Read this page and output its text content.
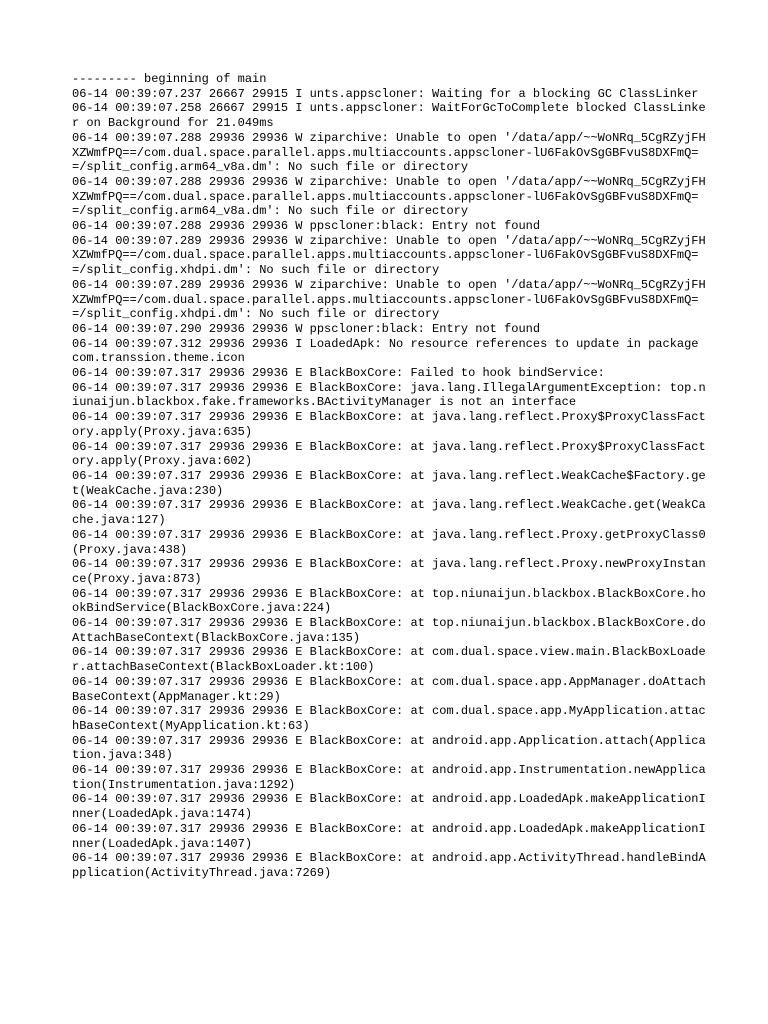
--------- beginning of main

06-14 00:39:07.237 26667 29915 I unts.appscloner: Waiting for a blocking GC ClassLinker

06-14 00:39:07.258 26667 29915 I unts.appscloner: WaitForGcToComplete blocked ClassLinker on Background for 21.049ms

06-14 00:39:07.288 29936 29936 W ziparchive: Unable to open '/data/app/~~WoNRq_5CgRZyjFHXZWmfPQ==/com.dual.space.parallel.apps.multiaccounts.appscloner-lU6FakOvSgGBFvuS8DXFmQ==/split_config.arm64_v8a.dm': No such file or directory

06-14 00:39:07.288 29936 29936 W ziparchive: Unable to open '/data/app/~~WoNRq_5CgRZyjFHXZWmfPQ==/com.dual.space.parallel.apps.multiaccounts.appscloner-lU6FakOvSgGBFvuS8DXFmQ==/split_config.arm64_v8a.dm': No such file or directory

06-14 00:39:07.288 29936 29936 W ppscloner:black: Entry not found

06-14 00:39:07.289 29936 29936 W ziparchive: Unable to open '/data/app/~~WoNRq_5CgRZyjFHXZWmfPQ==/com.dual.space.parallel.apps.multiaccounts.appscloner-lU6FakOvSgGBFvuS8DXFmQ==/split_config.xhdpi.dm': No such file or directory

06-14 00:39:07.289 29936 29936 W ziparchive: Unable to open '/data/app/~~WoNRq_5CgRZyjFHXZWmfPQ==/com.dual.space.parallel.apps.multiaccounts.appscloner-lU6FakOvSgGBFvuS8DXFmQ==/split_config.xhdpi.dm': No such file or directory

06-14 00:39:07.290 29936 29936 W ppscloner:black: Entry not found

06-14 00:39:07.312 29936 29936 I LoadedApk: No resource references to update in package com.transsion.theme.icon

06-14 00:39:07.317 29936 29936 E BlackBoxCore: Failed to hook bindService:

06-14 00:39:07.317 29936 29936 E BlackBoxCore: java.lang.IllegalArgumentException: top.niunaijun.blackbox.fake.frameworks.BActivityManager is not an interface

06-14 00:39:07.317 29936 29936 E BlackBoxCore: at java.lang.reflect.Proxy$ProxyClassFactory.apply(Proxy.java:635)

06-14 00:39:07.317 29936 29936 E BlackBoxCore: at java.lang.reflect.Proxy$ProxyClassFactory.apply(Proxy.java:602)

06-14 00:39:07.317 29936 29936 E BlackBoxCore: at java.lang.reflect.WeakCache$Factory.get(WeakCache.java:230)

06-14 00:39:07.317 29936 29936 E BlackBoxCore: at java.lang.reflect.WeakCache.get(WeakCache.java:127)

06-14 00:39:07.317 29936 29936 E BlackBoxCore: at java.lang.reflect.Proxy.getProxyClass0(Proxy.java:438)

06-14 00:39:07.317 29936 29936 E BlackBoxCore: at java.lang.reflect.Proxy.newProxyInstance(Proxy.java:873)

06-14 00:39:07.317 29936 29936 E BlackBoxCore: at top.niunaijun.blackbox.BlackBoxCore.hookBindService(BlackBoxCore.java:224)

06-14 00:39:07.317 29936 29936 E BlackBoxCore: at top.niunaijun.blackbox.BlackBoxCore.doAttachBaseContext(BlackBoxCore.java:135)

06-14 00:39:07.317 29936 29936 E BlackBoxCore: at com.dual.space.view.main.BlackBoxLoader.attachBaseContext(BlackBoxLoader.kt:100)

06-14 00:39:07.317 29936 29936 E BlackBoxCore: at com.dual.space.app.AppManager.doAttachBaseContext(AppManager.kt:29)

06-14 00:39:07.317 29936 29936 E BlackBoxCore: at com.dual.space.app.MyApplication.attachBaseContext(MyApplication.kt:63)

06-14 00:39:07.317 29936 29936 E BlackBoxCore: at android.app.Application.attach(Application.java:348)

06-14 00:39:07.317 29936 29936 E BlackBoxCore: at android.app.Instrumentation.newApplication(Instrumentation.java:1292)

06-14 00:39:07.317 29936 29936 E BlackBoxCore: at android.app.LoadedApk.makeApplicationInner(LoadedApk.java:1474)

06-14 00:39:07.317 29936 29936 E BlackBoxCore: at android.app.LoadedApk.makeApplicationInner(LoadedApk.java:1407)

06-14 00:39:07.317 29936 29936 E BlackBoxCore: at android.app.ActivityThread.handleBindApplication(ActivityThread.java:7269)
